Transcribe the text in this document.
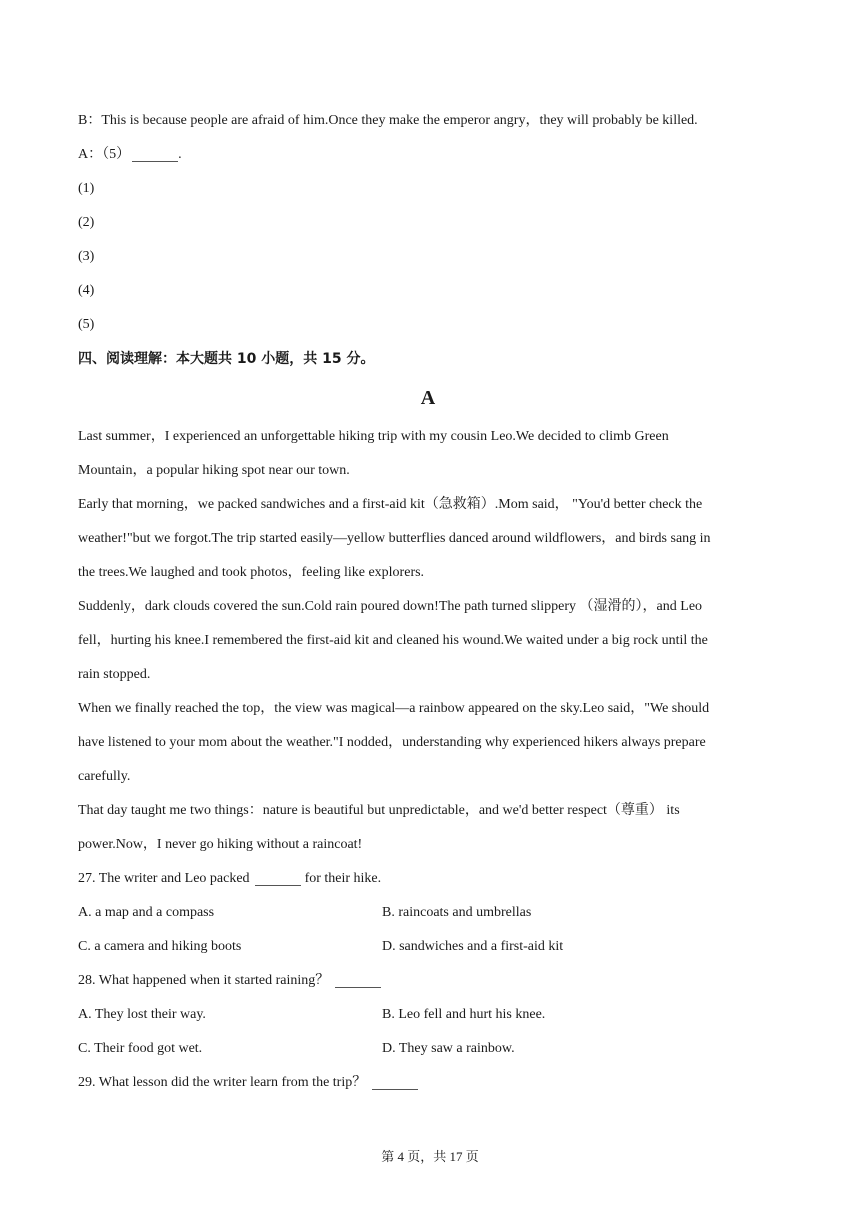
B：This is because people are afraid of him.Once they make the emperor angry，they will probably be killed.
A：（5）	.
(1)
(2)
(3)
(4)
(5)
四、阅读理解：本大题共 10 小题，共 15 分。
A
Last summer，I experienced an unforgettable hiking trip with my cousin Leo.We decided to climb Green
Mountain，a popular hiking spot near our town.
Early that morning，we packed sandwiches and a first-aid kit（急救箱）.Mom said， "You'd better check the
weather!"but we forgot.The trip started easily—yellow butterflies danced around wildflowers，and birds sang in
the trees.We laughed and took photos，feeling like explorers.
Suddenly，dark clouds covered the sun.Cold rain poured down!The path turned slippery （湿滑的），and Leo
fell，hurting his knee.I remembered the first-aid kit and cleaned his wound.We waited under a big rock until the
rain stopped.
When we finally reached the top，the view was magical—a rainbow appeared on the sky.Leo said，"We should
have listened to your mom about the weather."I nodded，understanding why experienced hikers always prepare
carefully.
That day taught me two things：nature is beautiful but unpredictable，and we'd better respect（尊重） its
power.Now，I never go hiking without a raincoat!
27. The writer and Leo packed	for their hike.
A. a map and a compass	B. raincoats and umbrellas
C. a camera and hiking boots	D. sandwiches and a first-aid kit
28. What happened when it started raining？
A. They lost their way.	B. Leo fell and hurt his knee.
C. Their food got wet.	D. They saw a rainbow.
29. What lesson did the writer learn from the trip？
第 4 页，共 17 页
